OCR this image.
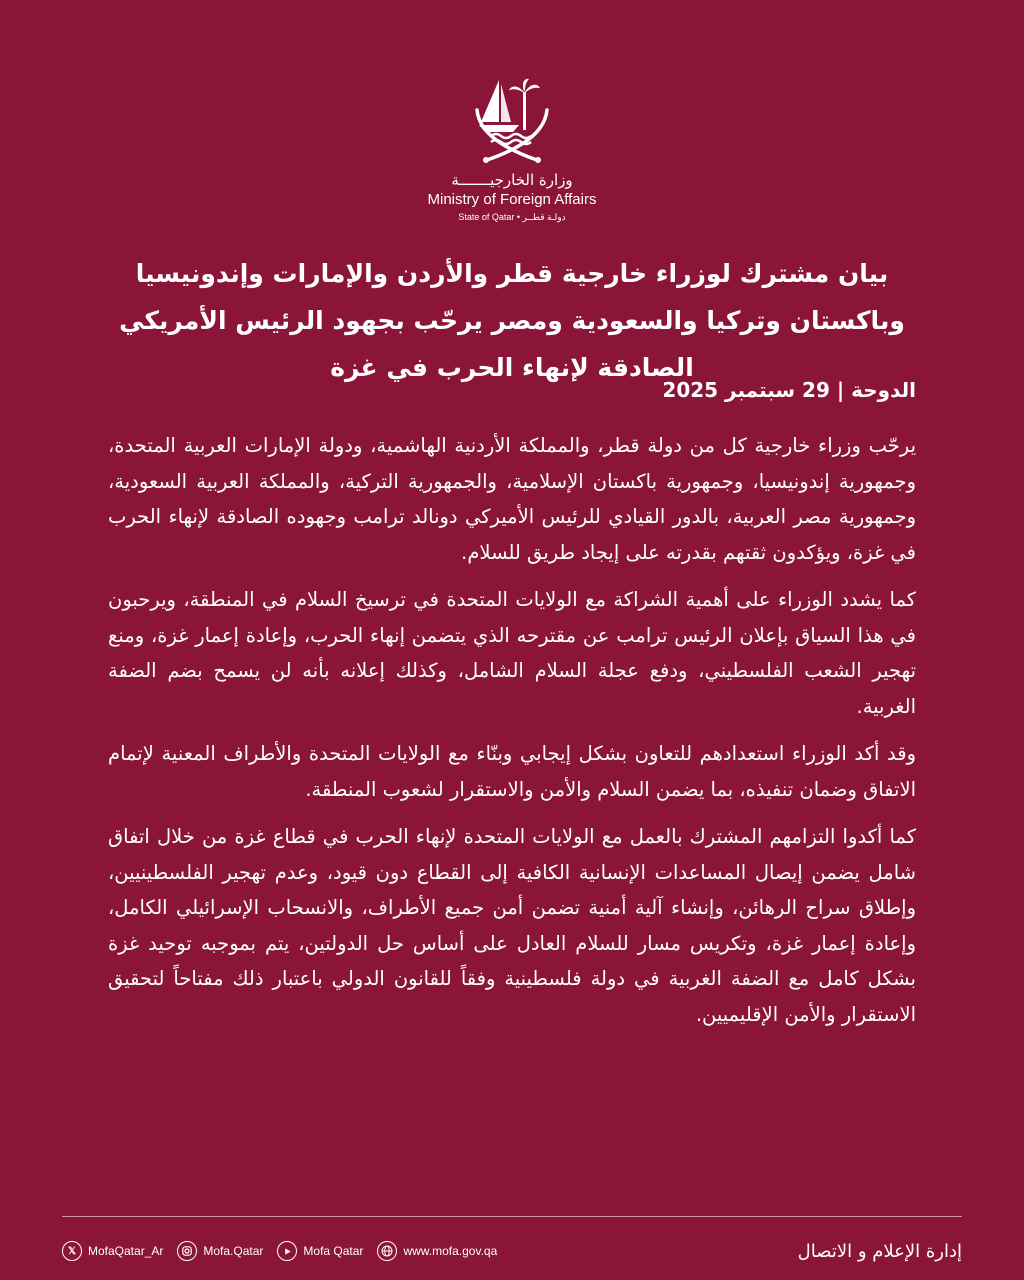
وزارة الخارجيـــــــة
Ministry of Foreign Affairs
State of Qatar • دولـة قطــر
بيان مشترك لوزراء خارجية قطر والأردن والإمارات وإندونيسيا وباكستان وتركيا والسعودية ومصر يرحّب بجهود الرئيس الأمريكي الصادقة لإنهاء الحرب في غزة
الدوحة | 29 سبتمبر 2025

يرحّب وزراء خارجية كل من دولة قطر، والمملكة الأردنية الهاشمية، ودولة الإمارات العربية المتحدة، وجمهورية إندونيسيا، وجمهورية باكستان الإسلامية، والجمهورية التركية، والمملكة العربية السعودية، وجمهورية مصر العربية، بالدور القيادي للرئيس الأميركي دونالد ترامب وجهوده الصادقة لإنهاء الحرب في غزة، ويؤكدون ثقتهم بقدرته على إيجاد طريق للسلام.

كما يشدد الوزراء على أهمية الشراكة مع الولايات المتحدة في ترسيخ السلام في المنطقة، ويرحبون في هذا السياق بإعلان الرئيس ترامب عن مقترحه الذي يتضمن إنهاء الحرب، وإعادة إعمار غزة، ومنع تهجير الشعب الفلسطيني، ودفع عجلة السلام الشامل، وكذلك إعلانه بأنه لن يسمح بضم الضفة الغربية.

وقد أكد الوزراء استعدادهم للتعاون بشكل إيجابي وبنّاء مع الولايات المتحدة والأطراف المعنية لإتمام الاتفاق وضمان تنفيذه، بما يضمن السلام والأمن والاستقرار لشعوب المنطقة.

كما أكدوا التزامهم المشترك بالعمل مع الولايات المتحدة لإنهاء الحرب في قطاع غزة من خلال اتفاق شامل يضمن إيصال المساعدات الإنسانية الكافية إلى القطاع دون قيود، وعدم تهجير الفلسطينيين، وإطلاق سراح الرهائن، وإنشاء آلية أمنية تضمن أمن جميع الأطراف، والانسحاب الإسرائيلي الكامل، وإعادة إعمار غزة، وتكريس مسار للسلام العادل على أساس حل الدولتين، يتم بموجبه توحيد غزة بشكل كامل مع الضفة الغربية في دولة فلسطينية وفقاً للقانون الدولي باعتبار ذلك مفتاحاً لتحقيق الاستقرار والأمن الإقليميين.

𝕏 MofaQatar_Ar	Mofa.Qatar	Mofa Qatar	www.mofa.gov.qa	إدارة الإعلام و الاتصال
